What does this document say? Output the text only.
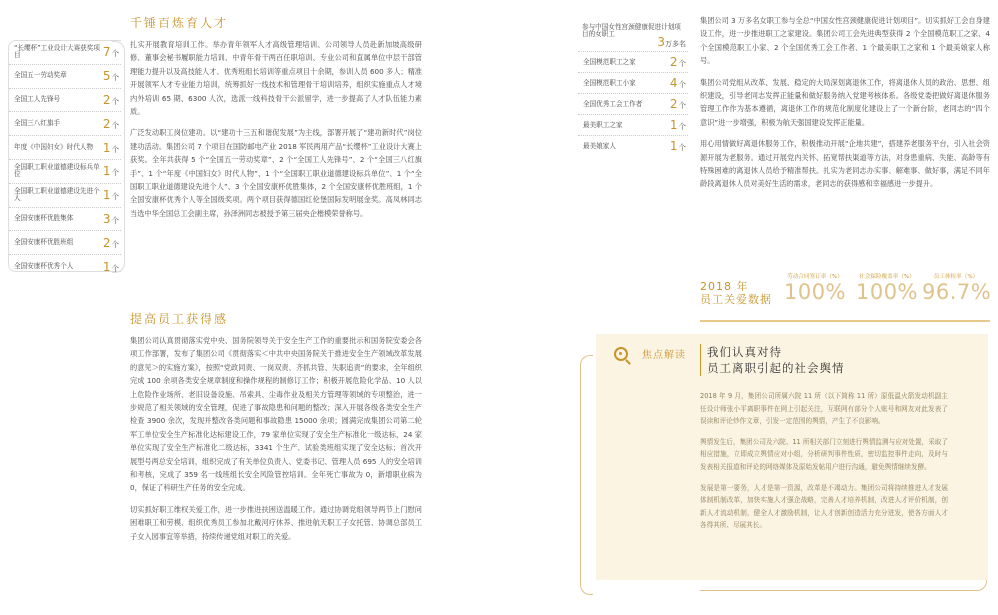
“长缨杯”工业设计大赛获奖项目	7个
全国五一劳动奖章	5个
全国工人先锋号	2个
全国三八红旗手	2个
年度《中国妇女》时代人物 1个
全国职工职业道德建设标兵单位	1个
全国职工职业道德建设先进个人	1个
全国安康杯优胜集体 3个
全国安康杯优胜班组 2个
全国安康杯优秀个人 1个
千锤百炼育人才

扎实开展教育培训工作。举办青年领军人才高级管理培训、公司领导人员赴新加坡高级研修、董事会秘书履职能力培训、中青年骨干两百任职培训、专业公司和直属单位中层干部管理能力提升以及高技能人才、优秀班组长培训等重点项目十余期，参训人员 600 多人；精准开展领军人才专业能力培训，统筹抓好一线技术和管理骨干培训培养，组织实施重点人才境内外培训 65 期、6300 人次，选派一线科技骨干公派留学，进一步提高了人才队伍能力素质。

广泛发动职工岗位建功。以“建功十三五和谐促发展”为主线，部署开展了“建功新时代”岗位建功活动。集团公司 7 个项目在国防邮电产业 2018 军民两用产品“长缨杯”工业设计大赛上获奖。全年共获得 5 个“全国五一劳动奖章”、2 个“全国工人先锋号”、2 个“全国三八红旗手”、1 个“年度《中国妇女》时代人物”、1 个“全国职工职业道德建设标兵单位”、1 个“全国职工职业道德建设先进个人”、3 个全国安康杯优胜集体，2 个全国安康杯优胜班组，1 个全国安康杯优秀个人等全国级奖项。两个项目获得德国红伦堡国际发明展金奖。高凤林同志当选中华全国总工会副主席，孙泽洲同志被授予第三届央企楷模荣誉称号。

提高员工获得感

集团公司认真贯彻落实党中央、国务院领导关于安全生产工作的重要批示和国务院安委会各项工作部署，发布了集团公司《贯彻落实＜中共中央国务院关于推进安全生产领域改革发展的意见＞的实施方案》，按照“党政同责、一岗双责、齐抓共管、失职追责”的要求，全年组织完成 100 余项各类安全规章制度和操作规程的制修订工作；积极开展危险化学品、10 人以上危险作业场所、老旧设备设施、吊索具、尘毒作业及相关方管理等领域的专项整治，进一步规范了相关领域的安全管理，促进了事故隐患和问题的整改；深入开展各级各类安全生产检查 3900 余次，发现并整改各类问题和事故隐患 15000 余项；圆满完成集团公司第二轮军工单位安全生产标准化达标建设工作，79 家单位实现了安全生产标准化一级达标，24 家单位实现了安全生产标准化二级达标，3341 个生产、试验类班组实现了安全达标；首次开展型号两总安全培训，组织完成了有关单位负责人、党委书记、管理人员 695 人的安全培训和考核，完成了 359 名一线班组长安全风险管控培训。全年死亡事故为 0，新增职业病为 0，保证了科研生产任务的安全完成。

切实抓好职工维权关爱工作，进一步推进扶困送温暖工作。通过协调党组领导两节上门慰问困难职工和劳模、组织优秀员工参加北戴河疗休养、推进航天职工子女托管、协调总部员工子女入园事宜等举措，持续传递党组对职工的关爱。

参与中国女性宫颈健康促进计划项目的女职工
3万多名
全国模范职工之家	2个
全国模范职工小家	4个
全国优秀工会工作者 2个
最美职工之家	1个
最美娘家人	1个

集团公司 3 万多名女职工参与全总“中国女性宫颈健康促进计划项目”。切实抓好工会自身建设工作，进一步推进职工之家建设。集团公司工会先进典型获得 2 个全国模范职工之家、4 个全国模范职工小家、2 个全国优秀工会工作者、1 个最美职工之家和 1 个最美娘家人称号。

集团公司党组从改革、发展、稳定的大局深划离退休工作，将离退休人员的政治、思想、组织建设，引导老同志发挥正能量和做好服务纳入党建考核体系。各级党委把做好离退休服务管理工作作为基本遵循，离退休工作的规范化制度化建设上了一个新台阶，老同志的“四个意识”进一步增强，积极为航天强国建设发挥正能量。

用心用情做好离退休服务工作，积极推动开展“企地共建”，搭建养老服务平台，引入社会资源开展为老服务。通过开展党内关怀、拓宽帮扶渠道等方法，对身患重病、失能、高龄等有特殊困难的离退休人员给予精准帮扶。扎实为老同志办实事、解难事、做好事，满足不同年龄段离退休人员对美好生活的需求，老同志的获得感和幸福感进一步提升。

2018 年
员工关爱数据
劳动合同签订率（%）
100%
社会保险覆盖率（%）
100%
员工体检率（%）
96.7%
焦点解读 我们认真对待
员工离职引起的社会舆情

2018 年 9 月，集团公司所属六院 11 所（以下简称 11 所）原低温火箭发动机副主任设计师张小平离职事件在网上引起关注，互联网有部分个人账号和网友对此发表了误读和评论炒作文章，引发一定范围的舆情，产生了不良影响。

舆情发生后，集团公司及六院、11 所相关部门立刻进行舆情监测与应对处置，采取了相应措施，立即成立舆情应对小组，分析研判事件性质，密切监控事件走向，及时与发表相关报道和评论的网络媒体及原始发帖用户进行沟通，避免舆情继续发酵。

发展是第一要务，人才是第一资源，改革是不竭动力。集团公司将持续推进人才发展体制机制改革，加快实施人才强企战略，完善人才培养机制，改进人才评价机制，创新人才流动机制，健全人才激励机制，让人才创新创造活力充分迸发，使各方面人才各得其所、尽展其长。
